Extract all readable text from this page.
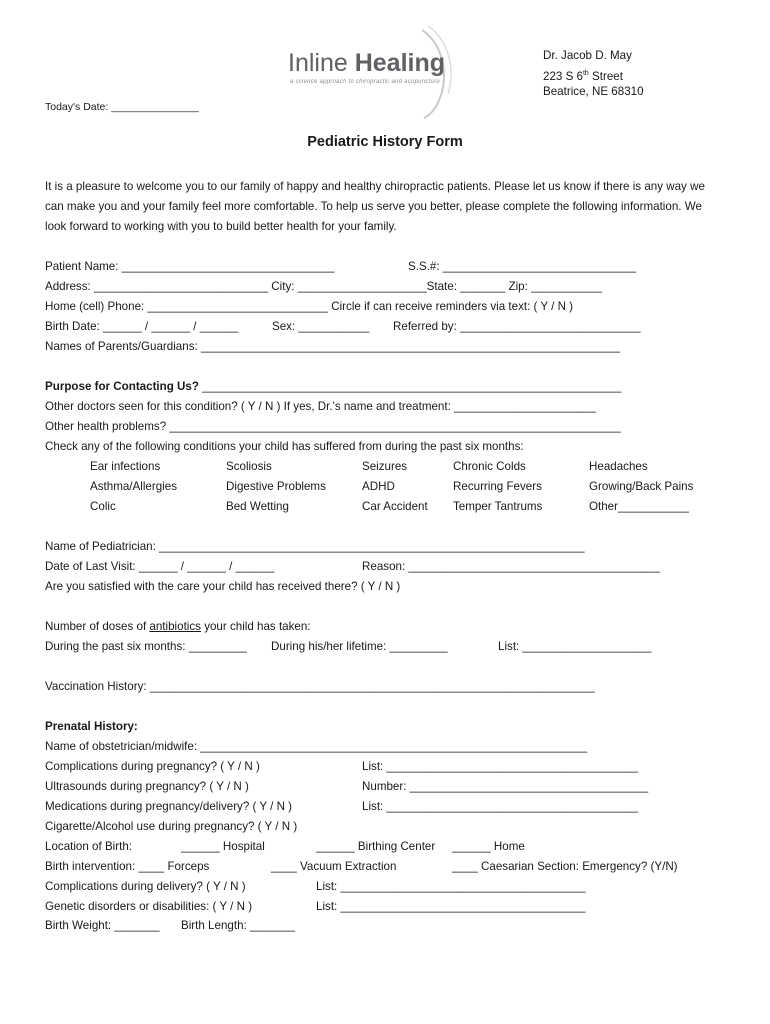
Inline Healing
a science approach to chiropractic and acupuncture
Dr. Jacob D. May
223 S 6th Street
Beatrice, NE 68310
Today's Date: _______________
Pediatric History Form
It is a pleasure to welcome you to our family of happy and healthy chiropractic patients. Please let us know if there is any way we can make you and your family feel more comfortable. To help us serve you better, please complete the following information. We look forward to working with you to build better health for your family.
Patient Name: _________________________________	S.S.#: ______________________________
Address: ___________________________ City: ____________________State: _______ Zip: ___________
Home (cell) Phone: ____________________________ Circle if can receive reminders via text: ( Y / N )
Birth Date: ______ / ______ / ______	Sex: ___________ Referred by: ____________________________
Names of Parents/Guardians: _________________________________________________________________
Purpose for Contacting Us? _________________________________________________________________
Other doctors seen for this condition? ( Y / N ) If yes, Dr.'s name and treatment: ______________________
Other health problems? ______________________________________________________________________
Check any of the following conditions your child has suffered from during the past six months:
Ear infections	Scoliosis	Seizures	Chronic Colds	Headaches
Asthma/Allergies	Digestive Problems	ADHD	Recurring Fevers	Growing/Back Pains
Colic	Bed Wetting	Car Accident Temper Tantrums	Other___________
Name of Pediatrician: __________________________________________________________________
Date of Last Visit: ______ / ______ / ______	Reason: _______________________________________
Are you satisfied with the care your child has received there? ( Y / N )
Number of doses of antibiotics your child has taken:
During the past six months: _________ During his/her lifetime: _________	List: ____________________
Vaccination History: _____________________________________________________________________
Prenatal History:
Name of obstetrician/midwife: ____________________________________________________________
Complications during pregnancy? ( Y / N )	List: _______________________________________
Ultrasounds during pregnancy? ( Y / N )	Number: _____________________________________
Medications during pregnancy/delivery? ( Y / N )	List: _______________________________________
Cigarette/Alcohol use during pregnancy? ( Y / N )
Location of Birth:	______ Hospital	______ Birthing Center ______ Home
Birth intervention: ____ Forceps	____ Vacuum Extraction	____ Caesarian Section: Emergency? (Y/N)
Complications during delivery? ( Y / N )	List: ______________________________________
Genetic disorders or disabilities: ( Y / N )	List: ______________________________________
Birth Weight: _______ Birth Length: _______
